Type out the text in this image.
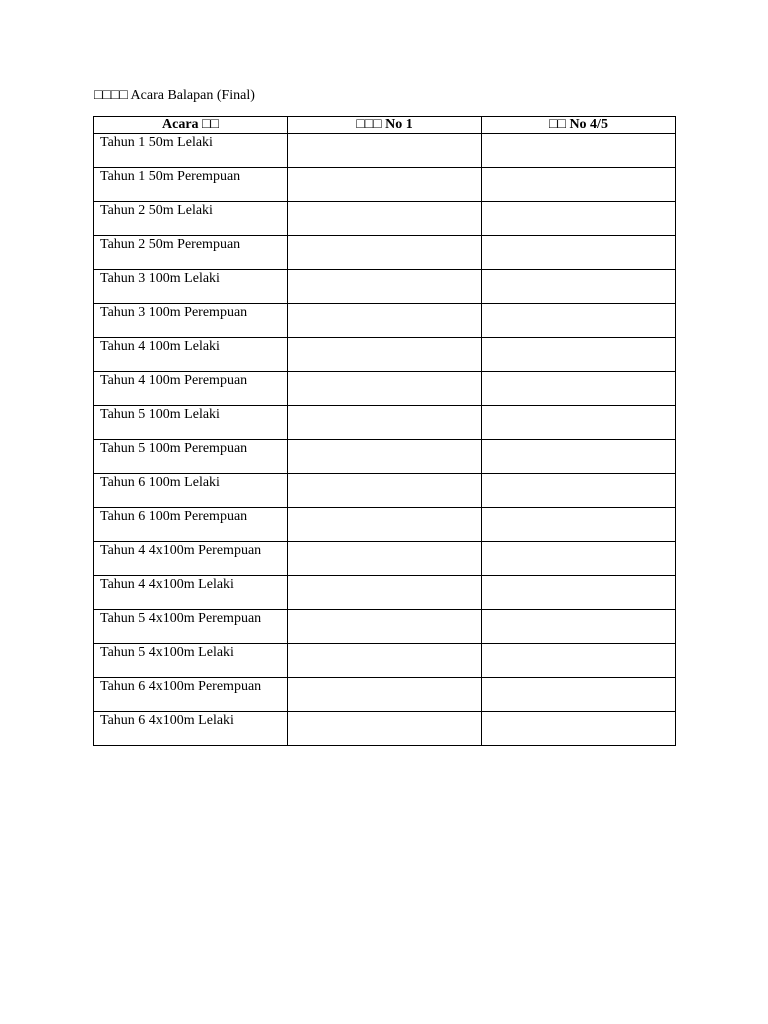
□□□□ Acara Balapan (Final)
Acara □□	□□□ No 1	□□ No 4/5
Tahun 1 50m Lelaki		
Tahun 1 50m Perempuan		
Tahun 2 50m Lelaki		
Tahun 2 50m Perempuan		
Tahun 3 100m Lelaki		
Tahun 3 100m Perempuan		
Tahun 4 100m Lelaki		
Tahun 4 100m Perempuan		
Tahun 5 100m Lelaki		
Tahun 5 100m Perempuan		
Tahun 6 100m Lelaki		
Tahun 6 100m Perempuan		
Tahun 4 4x100m Perempuan		
Tahun 4 4x100m Lelaki		
Tahun 5 4x100m Perempuan		
Tahun 5 4x100m Lelaki		
Tahun 6 4x100m Perempuan		
Tahun 6 4x100m Lelaki		
